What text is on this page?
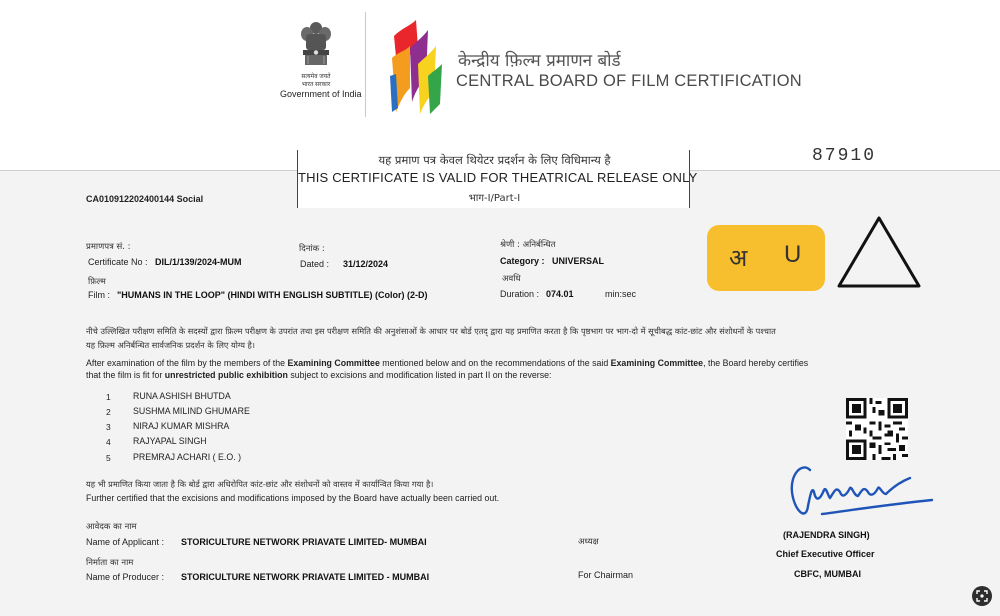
सत्यमेव जयते
भारत सरकार
Government of India
केन्द्रीय फ़िल्म प्रमाणन बोर्ड
CENTRAL BOARD OF FILM CERTIFICATION
यह प्रमाण पत्र केवल थियेटर प्रदर्शन के लिए विधिमान्य है
THIS CERTIFICATE IS VALID FOR THEATRICAL RELEASE ONLY
भाग-I/Part-I
87910
CA010912202400144 Social
प्रमाणपत्र सं. :
Certificate No : DIL/1/139/2024-MUM
दिनांक :
Dated : 31/12/2024
श्रेणी : अनिर्बन्धित
Category : UNIVERSAL
फ़िल्म
Film : "HUMANS IN THE LOOP" (HINDI WITH ENGLISH SUBTITLE) (Color) (2-D)
अवधि
Duration : 074.01	min:sec
अ U
नीचे उल्लिखित परीक्षण समिति के सदस्यों द्वारा फ़िल्म परीक्षण के उपरांत तथा इस परीक्षण समिति की अनुशंसाओं के आधार पर बोर्ड एतद् द्वारा यह प्रमाणित करता है कि पृष्ठभाग पर भाग-दो में सूचीबद्ध कांट-छांट और संशोधनों के पश्चात
यह फ़िल्म अनिर्बन्धित सार्वजनिक प्रदर्शन के लिए योग्य है।
After examination of the film by the members of the Examining Committee mentioned below and on the recommendations of the said Examining Committee, the Board hereby certifies
that the film is fit for unrestricted public exhibition subject to excisions and modification listed in part II on the reverse:
1	RUNA ASHISH BHUTDA
2	SUSHMA MILIND GHUMARE
3	NIRAJ KUMAR MISHRA
4	RAJYAPAL SINGH
5	PREMRAJ ACHARI ( E.O. )
यह भी प्रमाणित किया जाता है कि बोर्ड द्वारा अधिरोपित कांट-छांट और संशोधनों को वास्तव में कार्यान्वित किया गया है।
Further certified that the excisions and modifications imposed by the Board have actually been carried out.
आवेदक का नाम
Name of Applicant : STORICULTURE NETWORK PRIAVATE LIMITED- MUMBAI
निर्माता का नाम
Name of Producer : STORICULTURE NETWORK PRIAVATE LIMITED - MUMBAI
अध्यक्ष
For Chairman
(RAJENDRA SINGH)
Chief Executive Officer
CBFC, MUMBAI
